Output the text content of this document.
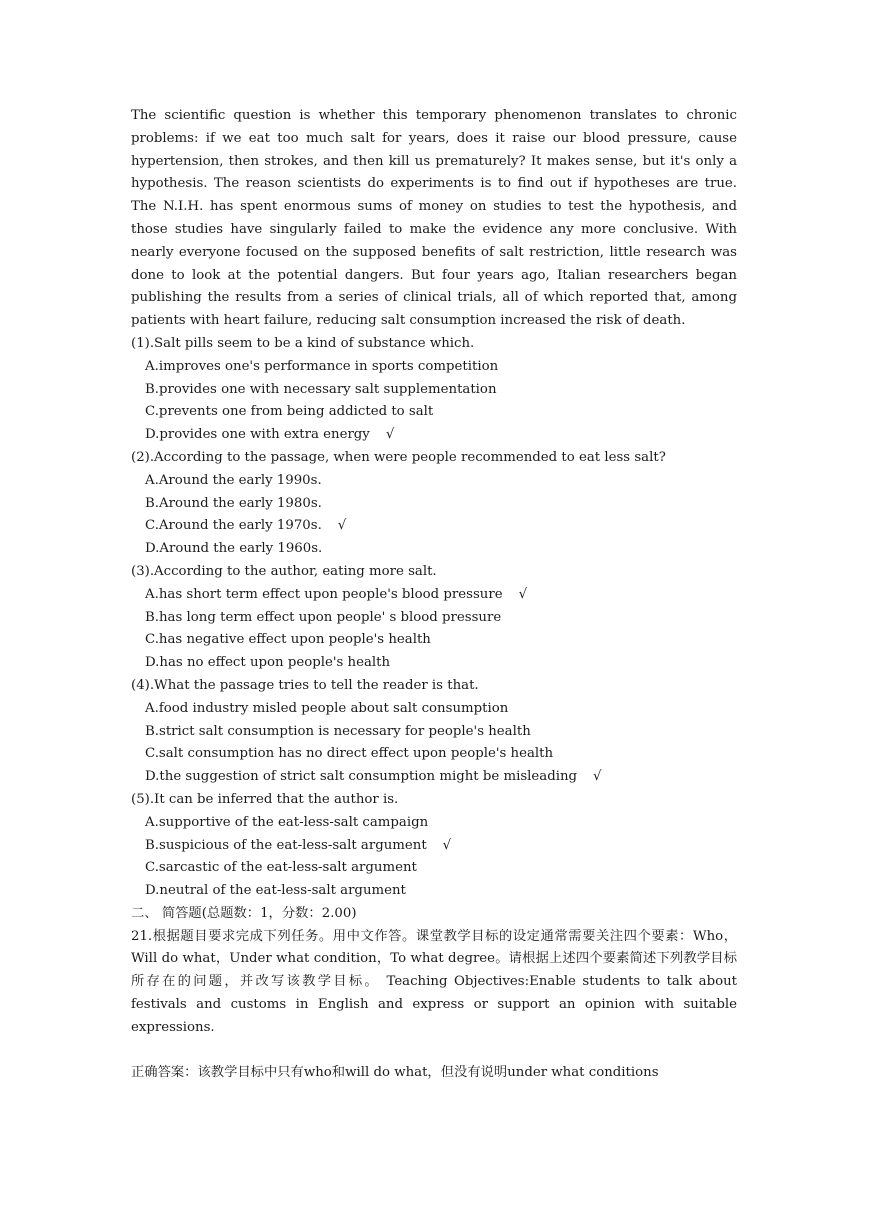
The scientific question is whether this temporary phenomenon translates to chronic problems: if we eat too much salt for years, does it raise our blood pressure, cause hypertension, then strokes, and then kill us prematurely? It makes sense, but it's only a hypothesis. The reason scientists do experiments is to find out if hypotheses are true. The N.I.H. has spent enormous sums of money on studies to test the hypothesis, and those studies have singularly failed to make the evidence any more conclusive. With nearly everyone focused on the supposed benefits of salt restriction, little research was done to look at the potential dangers. But four years ago, Italian researchers began publishing the results from a series of clinical trials, all of which reported that, among patients with heart failure, reducing salt consumption increased the risk of death.

(1).Salt pills seem to be a kind of substance which.

A.improves one's performance in sports competition

B.provides one with necessary salt supplementation

C.prevents one from being addicted to salt

D.provides one with extra energy √

(2).According to the passage, when were people recommended to eat less salt?

A.Around the early 1990s.

B.Around the early 1980s.

C.Around the early 1970s. √

D.Around the early 1960s.

(3).According to the author, eating more salt.

A.has short term effect upon people's blood pressure √

B.has long term effect upon people' s blood pressure

C.has negative effect upon people's health

D.has no effect upon people's health

(4).What the passage tries to tell the reader is that.

A.food industry misled people about salt consumption

B.strict salt consumption is necessary for people's health

C.salt consumption has no direct effect upon people's health

D.the suggestion of strict salt consumption might be misleading √

(5).It can be inferred that the author is.

A.supportive of the eat-less-salt campaign

B.suspicious of the eat-less-salt argument √

C.sarcastic of the eat-less-salt argument

D.neutral of the eat-less-salt argument

二、 简答题(总题数：1，分数：2.00)

21.根据题目要求完成下列任务。用中文作答。课堂教学目标的设定通常需要关注四个要素：Who，Will do what，Under what condition，To what degree。请根据上述四个要素简述下列教学目标所存在的问题，并改写该教学目标。 Teaching Objectives:Enable students to talk about festivals and customs in English and express or support an opinion with suitable expressions.

正确答案：该教学目标中只有who和will do what，但没有说明under what conditions
